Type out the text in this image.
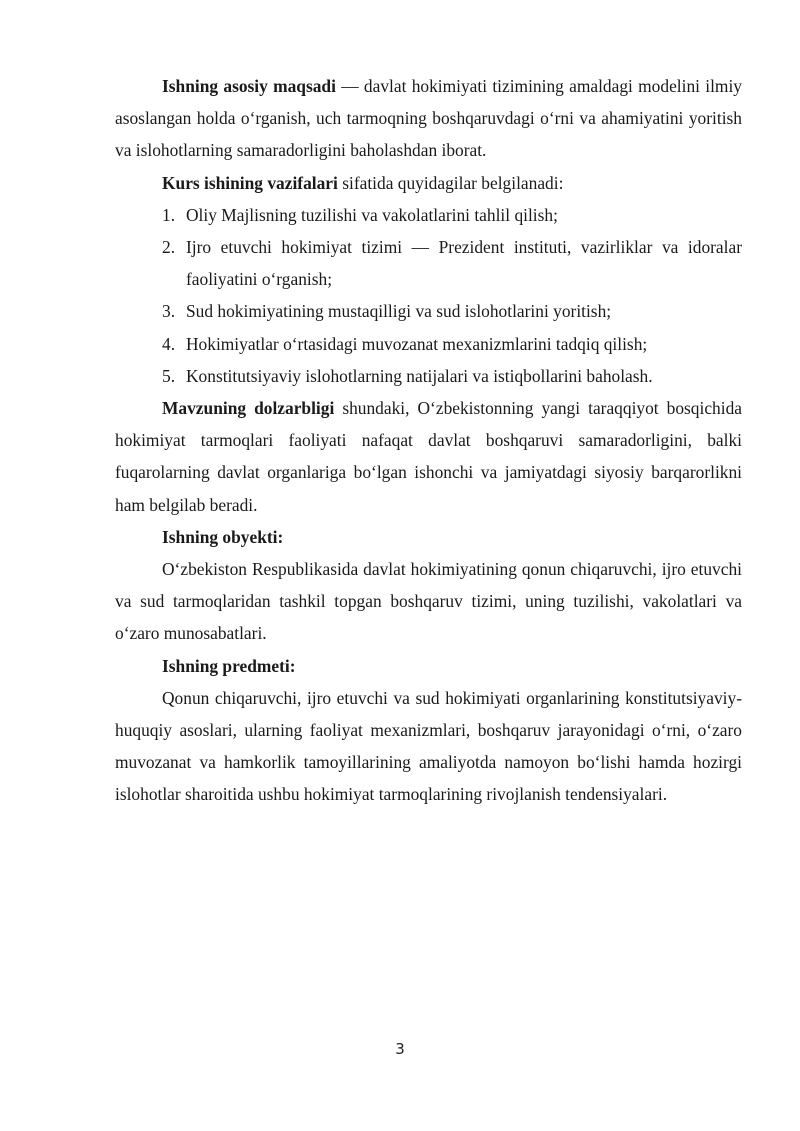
Ishning asosiy maqsadi — davlat hokimiyati tizimining amaldagi modelini ilmiy asoslangan holda o‘rganish, uch tarmoqning boshqaruvdagi o‘rni va ahamiyatini yoritish va islohotlarning samaradorligini baholashdan iborat.

Kurs ishining vazifalari sifatida quyidagilar belgilanadi:

1. Oliy Majlisning tuzilishi va vakolatlarini tahlil qilish;
2. Ijro etuvchi hokimiyat tizimi — Prezident instituti, vazirliklar va idoralar faoliyatini o‘rganish;
3. Sud hokimiyatining mustaqilligi va sud islohotlarini yoritish;
4. Hokimiyatlar o‘rtasidagi muvozanat mexanizmlarini tadqiq qilish;
5. Konstitutsiyaviy islohotlarning natijalari va istiqbollarini baholash.

Mavzuning dolzarbligi shundaki, O‘zbekistonning yangi taraqqiyot bosqichida hokimiyat tarmoqlari faoliyati nafaqat davlat boshqaruvi samaradorligini, balki fuqarolarning davlat organlariga bo‘lgan ishonchi va jamiyatdagi siyosiy barqarorlikni ham belgilab beradi.

Ishning obyekti:

O‘zbekiston Respublikasida davlat hokimiyatining qonun chiqaruvchi, ijro etuvchi va sud tarmoqlaridan tashkil topgan boshqaruv tizimi, uning tuzilishi, vakolatlari va o‘zaro munosabatlari.

Ishning predmeti:

Qonun chiqaruvchi, ijro etuvchi va sud hokimiyati organlarining konstitutsiyaviy-huquqiy asoslari, ularning faoliyat mexanizmlari, boshqaruv jarayonidagi o‘rni, o‘zaro muvozanat va hamkorlik tamoyillarining amaliyotda namoyon bo‘lishi hamda hozirgi islohotlar sharoitida ushbu hokimiyat tarmoqlarining rivojlanish tendensiyalari.

3
